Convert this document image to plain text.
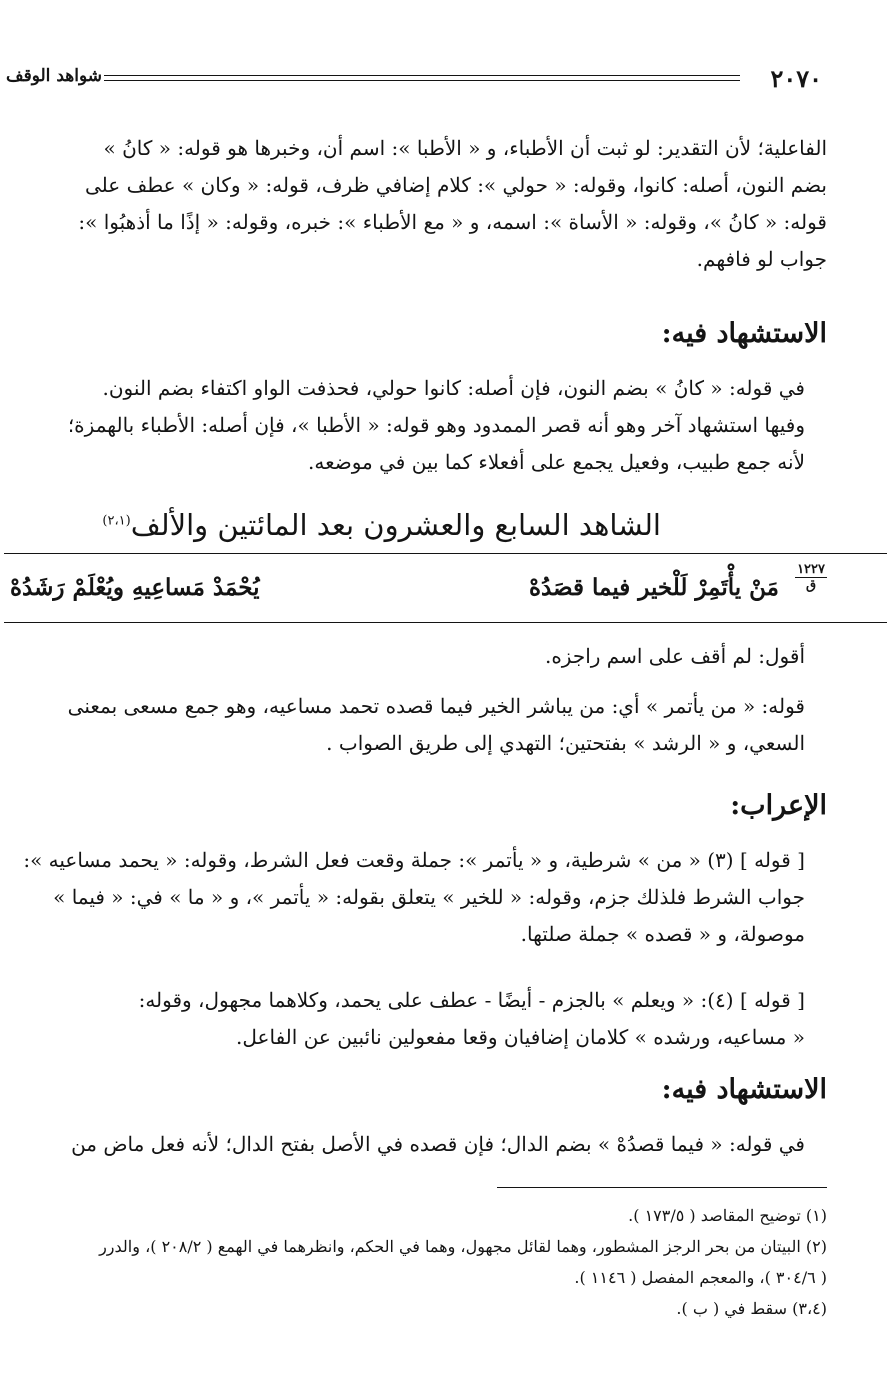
٢٠٧٠
شواهد الوقف
الفاعلية؛ لأن التقدير: لو ثبت أن الأطباء، و « الأطبا »: اسم أن، وخبرها هو قوله: « كانُ »
بضم النون، أصله: كانوا، وقوله: « حولي »: كلام إضافي ظرف، قوله: « وكان » عطف على
قوله: « كانُ »، وقوله: « الأساة »: اسمه، و « مع الأطباء »: خبره، وقوله: « إذًا ما أذهبُوا »:
جواب لو فافهم.
الاستشهاد فيه:
في قوله: « كانُ » بضم النون، فإن أصله: كانوا حولي، فحذفت الواو اكتفاء بضم النون.
وفيها استشهاد آخر وهو أنه قصر الممدود وهو قوله: « الأطبا »، فإن أصله: الأطباء بالهمزة؛
لأنه جمع طبيب، وفعيل يجمع على أفعلاء كما بين في موضعه.
الشاهد السابع والعشرون بعد المائتين والألف$^{(٢،١)}$
١٢٢٧
ق
مَنْ يأْتَمِرْ لَلْخير فيما قصَدُهْ
يُحْمَدْ مَساعِيهِ ويُعْلَمْ رَشَدُهْ
أقول: لم أقف على اسم راجزه.
قوله: « من يأتمر » أي: من يباشر الخير فيما قصده تحمد مساعيه، وهو جمع مسعى بمعنى
السعي، و « الرشد » بفتحتين؛ التهدي إلى طريق الصواب .
الإعراب:
[ قوله ] (٣) « من » شرطية، و « يأتمر »: جملة وقعت فعل الشرط، وقوله: « يحمد مساعيه »:
جواب الشرط فلذلك جزم، وقوله: « للخير » يتعلق بقوله: « يأتمر »، و « ما » في: « فيما »
موصولة، و « قصده » جملة صلتها.
[ قوله ] (٤): « ويعلم » بالجزم - أيضًا - عطف على يحمد، وكلاهما مجهول، وقوله:
« مساعيه، ورشده » كلامان إضافيان وقعا مفعولين نائبين عن الفاعل.
الاستشهاد فيه:
في قوله: « فيما قصدُهْ » بضم الدال؛ فإن قصده في الأصل بفتح الدال؛ لأنه فعل ماض من

(١) توضيح المقاصد ( ١٧٣/٥ ).

(٢) البيتان من بحر الرجز المشطور، وهما لقائل مجهول، وهما في الحكم، وانظرهما في الهمع ( ٢٠٨/٢ )، والدرر

( ٣٠٤/٦ )، والمعجم المفصل ( ١١٤٦ ).

(٣،٤) سقط في ( ب ).
